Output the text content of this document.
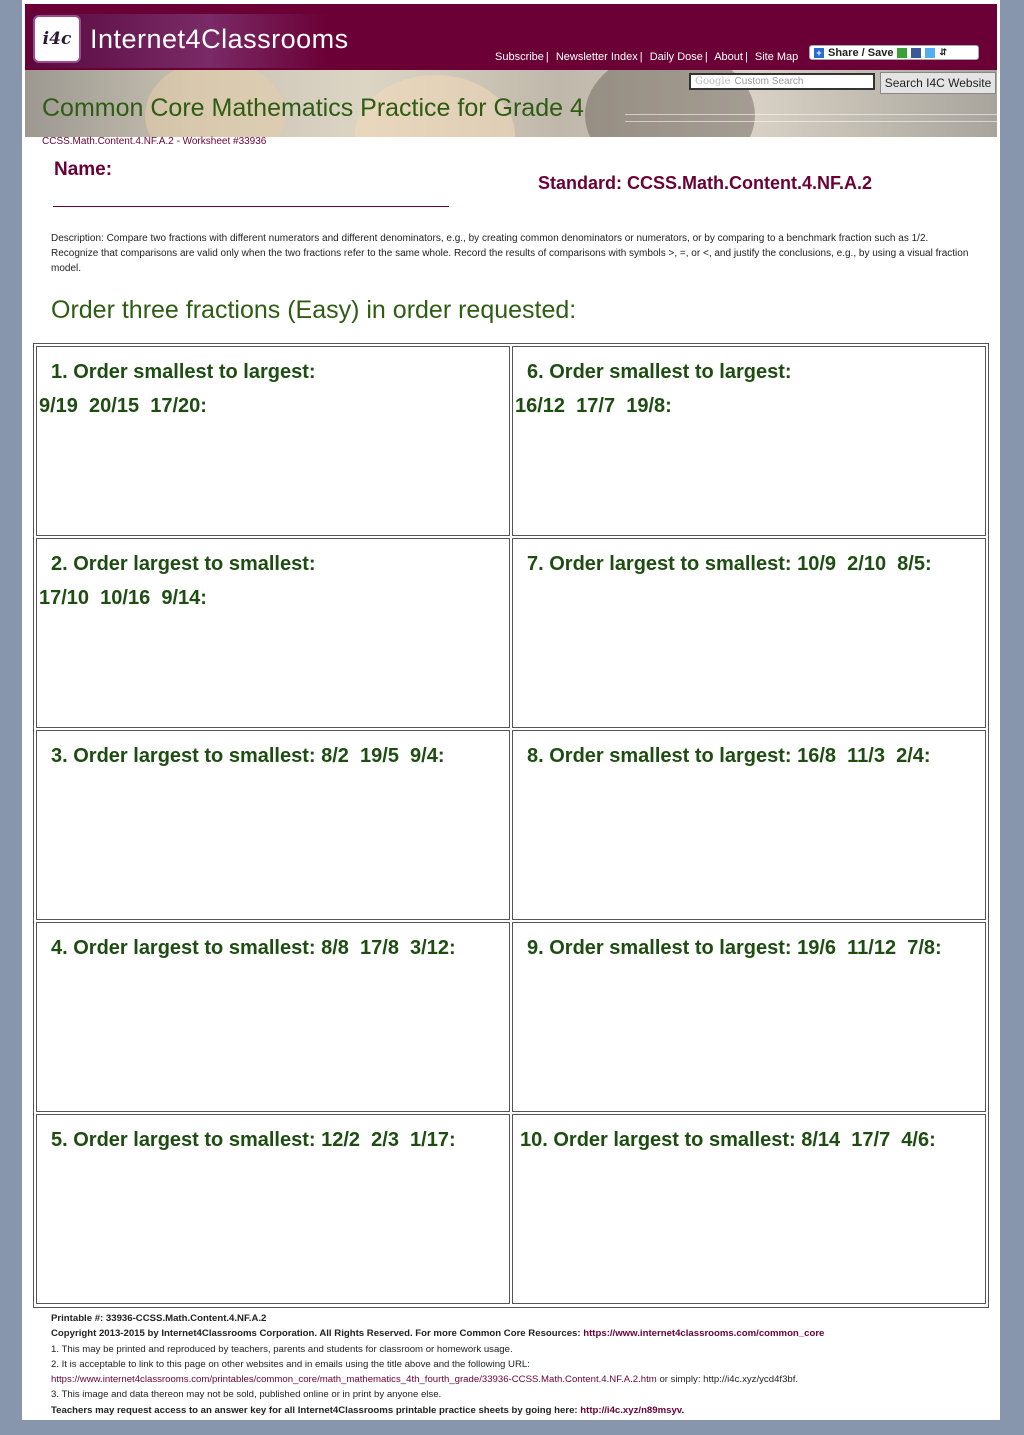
i4c Internet4Classrooms
Subscribe | Newsletter Index | Daily Dose | About | Site Map + Share / Save	⇵
Google Custom Search	Search I4C Website
Common Core Mathematics Practice for Grade 4
CCSS.Math.Content.4.NF.A.2 - Worksheet #33936
Name:
Standard: CCSS.Math.Content.4.NF.A.2
Description: Compare two fractions with different numerators and different denominators, e.g., by creating common denominators or numerators, or by comparing to a benchmark fraction such as 1/2. Recognize that comparisons are valid only when the two fractions refer to the same whole. Record the results of comparisons with symbols >, =, or <, and justify the conclusions, e.g., by using a visual fraction model.
Order three fractions (Easy) in order requested:
1. Order smallest to largest:
9/19  20/15  17/20:
2. Order largest to smallest:
17/10  10/16  9/14:
3. Order largest to smallest: 8/2  19/5  9/4:
4. Order largest to smallest: 8/8  17/8  3/12:
5. Order largest to smallest: 12/2  2/3  1/17:
6. Order smallest to largest:
16/12  17/7  19/8:
7. Order largest to smallest: 10/9  2/10  8/5:
8. Order smallest to largest: 16/8  11/3  2/4:
9. Order smallest to largest: 19/6  11/12  7/8:
10. Order largest to smallest: 8/14  17/7  4/6:
Printable #: 33936-CCSS.Math.Content.4.NF.A.2
Copyright 2013-2015 by Internet4Classrooms Corporation. All Rights Reserved. For more Common Core Resources: https://www.internet4classrooms.com/common_core
1. This may be printed and reproduced by teachers, parents and students for classroom or homework usage.
2. It is acceptable to link to this page on other websites and in emails using the title above and the following URL:
https://www.internet4classrooms.com/printables/common_core/math_mathematics_4th_fourth_grade/33936-CCSS.Math.Content.4.NF.A.2.htm or simply: http://i4c.xyz/ycd4f3bf.
3. This image and data thereon may not be sold, published online or in print by anyone else.
Teachers may request access to an answer key for all Internet4Classrooms printable practice sheets by going here: http://i4c.xyz/n89msyv.
